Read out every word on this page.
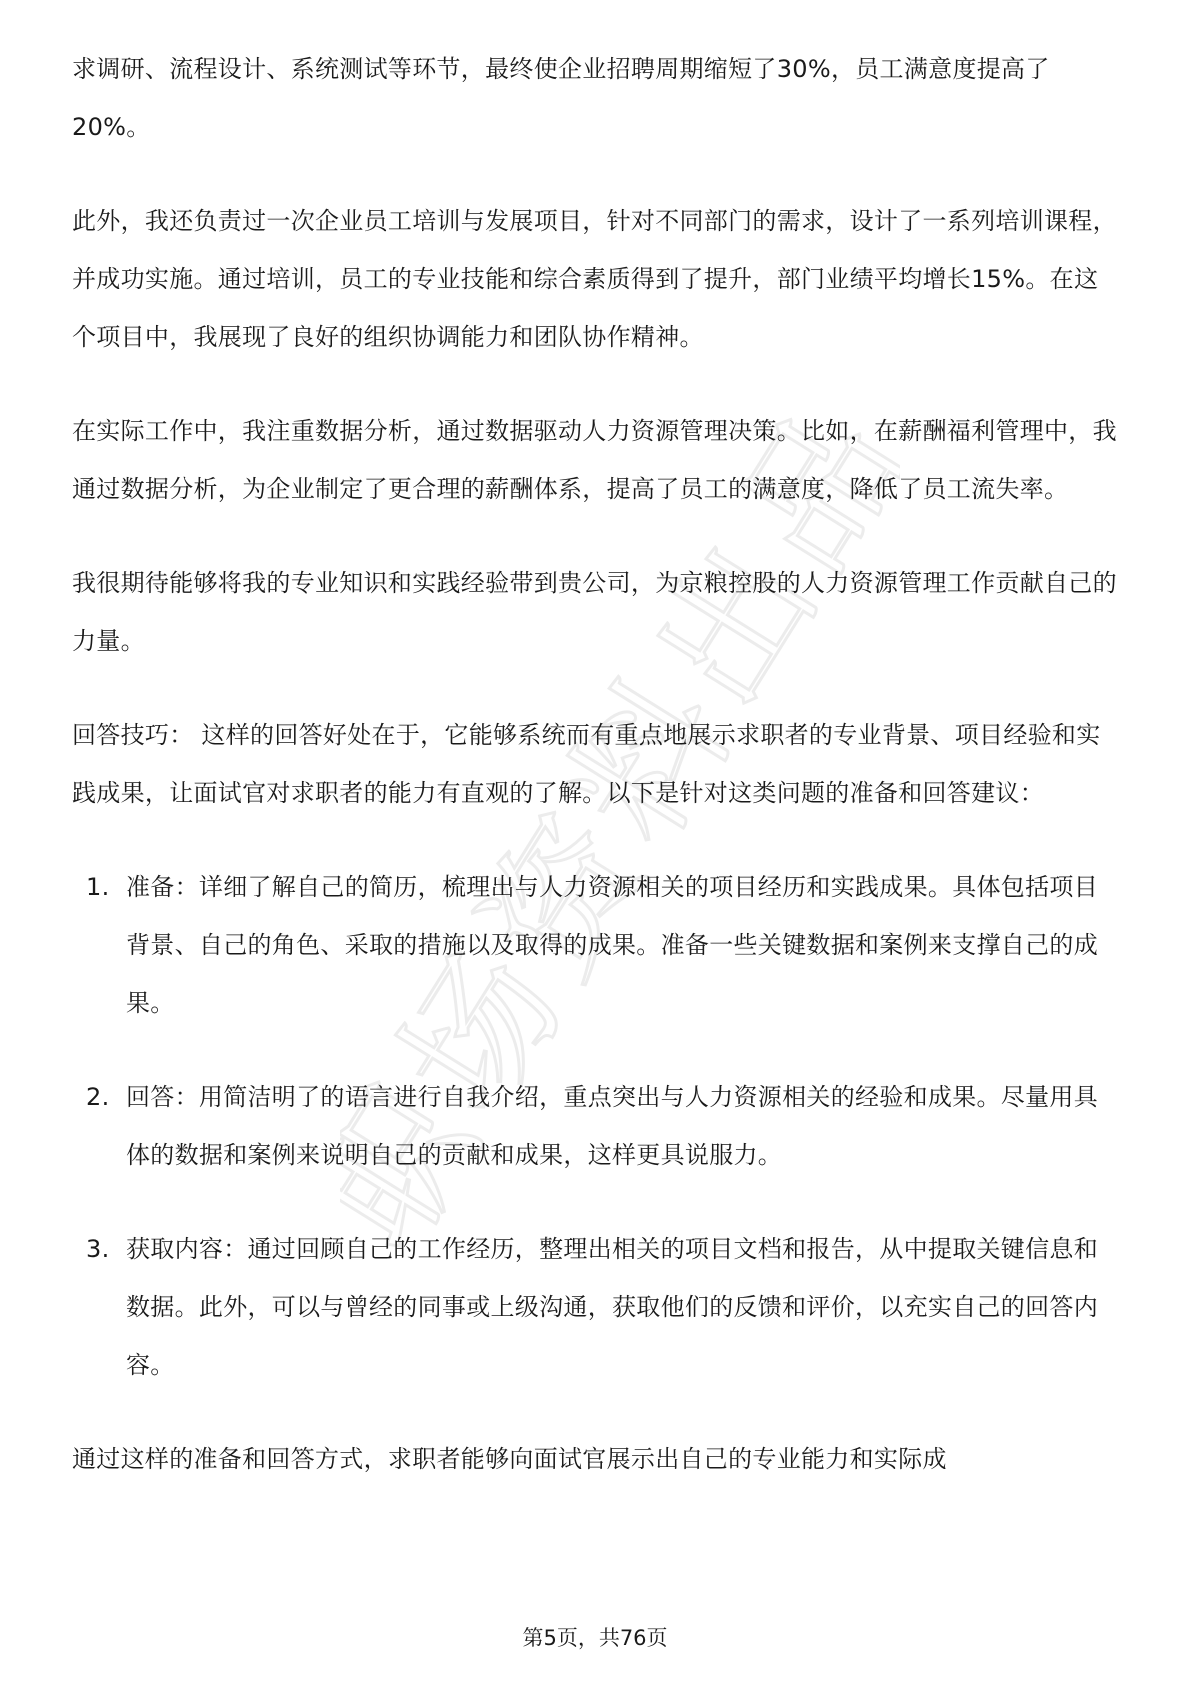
职场资料出品

求调研、流程设计、系统测试等环节，最终使企业招聘周期缩短了30%，员工满意度提高了20%。

此外，我还负责过一次企业员工培训与发展项目，针对不同部门的需求，设计了一系列培训课程，并成功实施。通过培训，员工的专业技能和综合素质得到了提升，部门业绩平均增长15%。在这个项目中，我展现了良好的组织协调能力和团队协作精神。

在实际工作中，我注重数据分析，通过数据驱动人力资源管理决策。比如，在薪酬福利管理中，我通过数据分析，为企业制定了更合理的薪酬体系，提高了员工的满意度，降低了员工流失率。

我很期待能够将我的专业知识和实践经验带到贵公司，为京粮控股的人力资源管理工作贡献自己的力量。

回答技巧： 这样的回答好处在于，它能够系统而有重点地展示求职者的专业背景、项目经验和实践成果，让面试官对求职者的能力有直观的了解。以下是针对这类问题的准备和回答建议：

1. 准备：详细了解自己的简历，梳理出与人力资源相关的项目经历和实践成果。具体包括项目背景、自己的角色、采取的措施以及取得的成果。准备一些关键数据和案例来支撑自己的成果。
2. 回答：用简洁明了的语言进行自我介绍，重点突出与人力资源相关的经验和成果。尽量用具体的数据和案例来说明自己的贡献和成果，这样更具说服力。
3. 获取内容：通过回顾自己的工作经历，整理出相关的项目文档和报告，从中提取关键信息和数据。此外，可以与曾经的同事或上级沟通，获取他们的反馈和评价，以充实自己的回答内容。

通过这样的准备和回答方式，求职者能够向面试官展示出自己的专业能力和实际成

第5页，共76页
